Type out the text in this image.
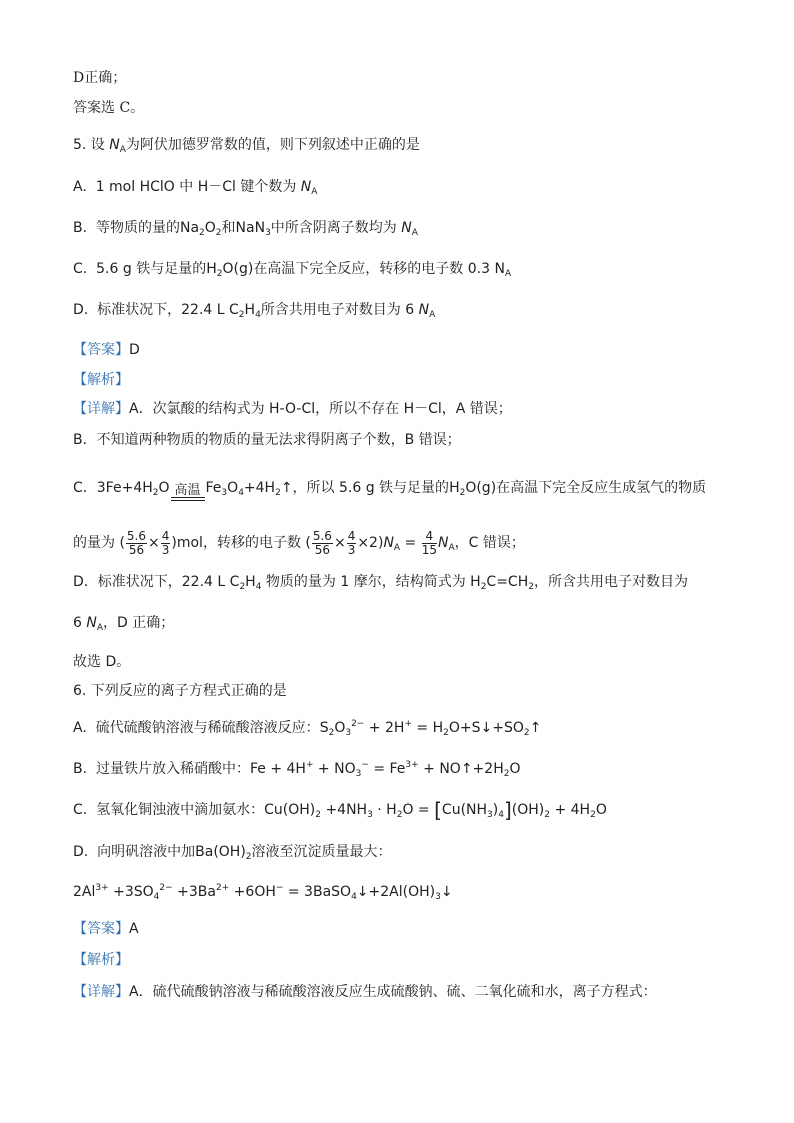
D正确；
答案选 C。
5. 设 $N_A$为阿伏加德罗常数的值，则下列叙述中正确的是
A. 1 mol HClO 中 H－Cl 键个数为 $N_A$
B. 等物质的量的$Na_2O_2$和NaN$_3$中所含阴离子数均为 $N_A$
C. 5.6 g 铁与足量的$H_2O(g)$在高温下完全反应，转移的电子数 0.3 $N_A$
D. 标准状况下，22.4 L $C_2H_4$所含共用电子对数目为 6 $N_A$
【答案】D
【解析】
【详解】A．次氯酸的结构式为 H-O-Cl，所以不存在 H－Cl，A 错误；
B．不知道两种物质的物质的量无法求得阴离子个数，B 错误；
C．$3Fe+4H_2O$ 高温 $Fe_3O_4+4H_2↑$，所以 5.6 g 铁与足量的$H_2O(g)$在高温下完全反应生成氢气的物质
的量为 ( $\frac{5.6}{56} \times \frac{4}{3} )mol$，转移的电子数 ( $\frac{5.6}{56} \times \frac{4}{3} \times 2)N_A = \frac{4}{15} N_A$，C 错误；
D．标准状况下，22.4 L $C_2H_4$ 物质的量为 1 摩尔，结构简式为 $H_2C=CH_2$，所含共用电子对数目为
6 $N_A$，D 正确；
故选 D。
6. 下列反应的离子方程式正确的是
A. 硫代硫酸钠溶液与稀硫酸溶液反应：$S_2O_3^{2-} + 2H^+$ = $H_2O+S↓+SO_2↑$
B. 过量铁片放入稀硝酸中：$Fe + 4H^+ + NO_3^- = Fe^{3+}$ + $NO↑+2H_2O$
C. 氢氧化铜浊液中滴加氨水：$Cu(OH)_2 +4NH_3 \cdot H_2O = [Cu(NH_3)_4](OH)_2 + 4H_2O$
D. 向明矾溶液中加$Ba(OH)_2$溶液至沉淀质量最大：
$2Al^{3+} +3SO_4^{2-} +3Ba^{2+} +6OH^-$ = $3BaSO_4↓+2Al(OH)_3↓$
【答案】A
【解析】
【详解】A．硫代硫酸钠溶液与稀硫酸溶液反应生成硫酸钠、硫、二氧化硫和水，离子方程式：
